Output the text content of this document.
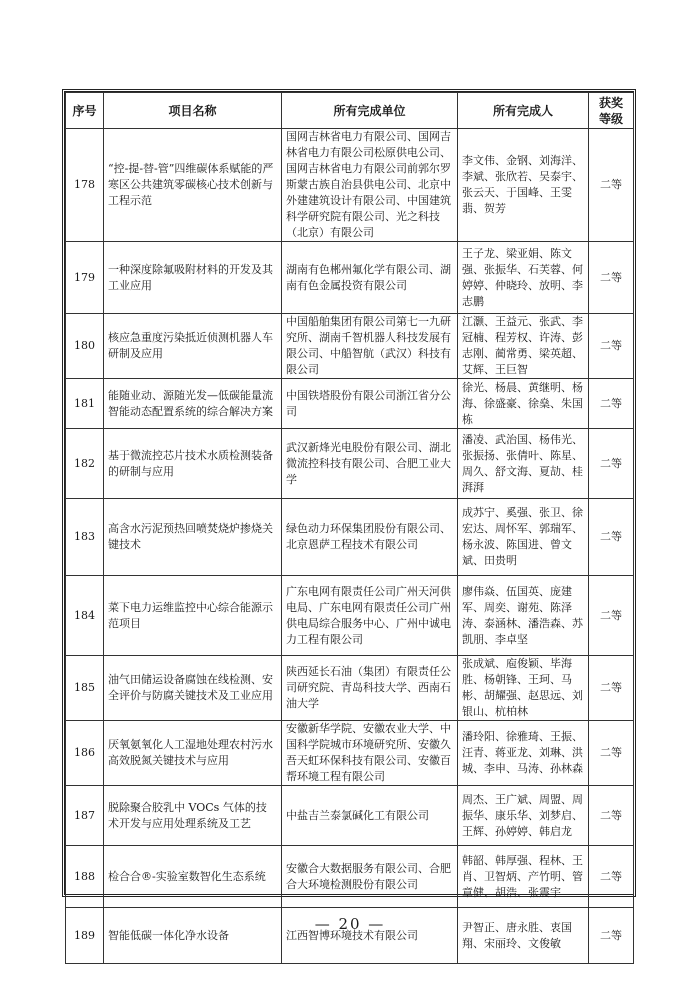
序号	项目名称	所有完成单位	所有完成人	获奖等级
178	“控-提-替-管”四维碳体系赋能的严寒区公共建筑零碳核心技术创新与工程示范	国网吉林省电力有限公司、国网吉林省电力有限公司松原供电公司、国网吉林省电力有限公司前郭尔罗斯蒙古族自治县供电公司、北京中外建建筑设计有限公司、中国建筑科学研究院有限公司、光之科技（北京）有限公司	李文伟、金钢、刘海洋、李斌、张欣若、吴泰宇、张云天、于国峰、王雯翡、贺芳	二等
179	一种深度除氟吸附材料的开发及其工业应用	湖南有色郴州氟化学有限公司、湖南有色金属投资有限公司	王子龙、梁亚娟、陈文强、张振华、石芙蓉、何婷婷、仲晓玲、放明、李志鹏	二等
180	核应急重度污染抵近侦测机器人车研制及应用	中国船舶集团有限公司第七一九研究所、湖南千智机器人科技发展有限公司、中船智航（武汉）科技有限公司	江灏、王益元、张武、李冠楠、程芳权、许涛、彭志刚、蔺常勇、梁英超、艾辉、王巨智	二等
181	能随业动、源随光发—低碳能量流智能动态配置系统的综合解决方案	中国铁塔股份有限公司浙江省分公司	徐光、杨晨、黄继明、杨海、徐盛豪、徐燊、朱国栋	二等
182	基于微流控芯片技术水质检测装备的研制与应用	武汉新烽光电股份有限公司、湖北微流控科技有限公司、合肥工业大学	潘凌、武治国、杨伟光、张振扬、张倩叶、陈星、周久、舒文海、夏劼、桂湃湃	二等
183	高含水污泥预热回喷焚烧炉掺烧关键技术	绿色动力环保集团股份有限公司、北京恩萨工程技术有限公司	成苏宁、奚强、张卫、徐宏达、周怀军、郭瑞军、杨永波、陈国进、曾文斌、田贵明	二等
184	菜下电力运维监控中心综合能源示范项目	广东电网有限责任公司广州天河供电局、广东电网有限责任公司广州供电局综合服务中心、广州中诚电力工程有限公司	廖伟焱、伍国英、庞建军、周奕、谢苑、陈泽涛、泰涵林、潘浩森、苏凯朋、李卓坚	二等
185	油气田储运设备腐蚀在线检测、安全评价与防腐关键技术及工业应用	陕西延长石油（集团）有限责任公司研究院、青岛科技大学、西南石油大学	张成斌、庖俊颖、毕海胜、杨朝锋、王珂、马彬、胡耀强、赵思远、刘银山、杭柏林	二等
186	厌氧氨氧化人工湿地处理农村污水高效脱氮关键技术与应用	安徽新华学院、安徽农业大学、中国科学院城市环境研究所、安徽久吾天虹环保科技有限公司、安徽百帮环境工程有限公司	潘玲阳、徐雅琦、王振、汪青、蒋亚龙、刘琳、洪城、李申、马涛、孙林森	二等
187	脱除聚合胶乳中 VOCs 气体的技术开发与应用处理系统及工艺	中盐吉兰泰氯碱化工有限公司	周杰、王广斌、周盟、周振华、康乐华、刘梦启、王辉、孙婷婷、韩启龙	二等
188	检合合®-实验室数智化生态系统	安徽合大数据服务有限公司、合肥合大环境检测股份有限公司	韩韶、韩厚强、程林、王肖、卫智炳、产竹明、管章健、胡浩、张震宇	二等
189	智能低碳一体化净水设备	江西智博环境技术有限公司	尹智正、唐永胜、衷国翔、宋丽玲、文俊敏	二等
— 20 —
